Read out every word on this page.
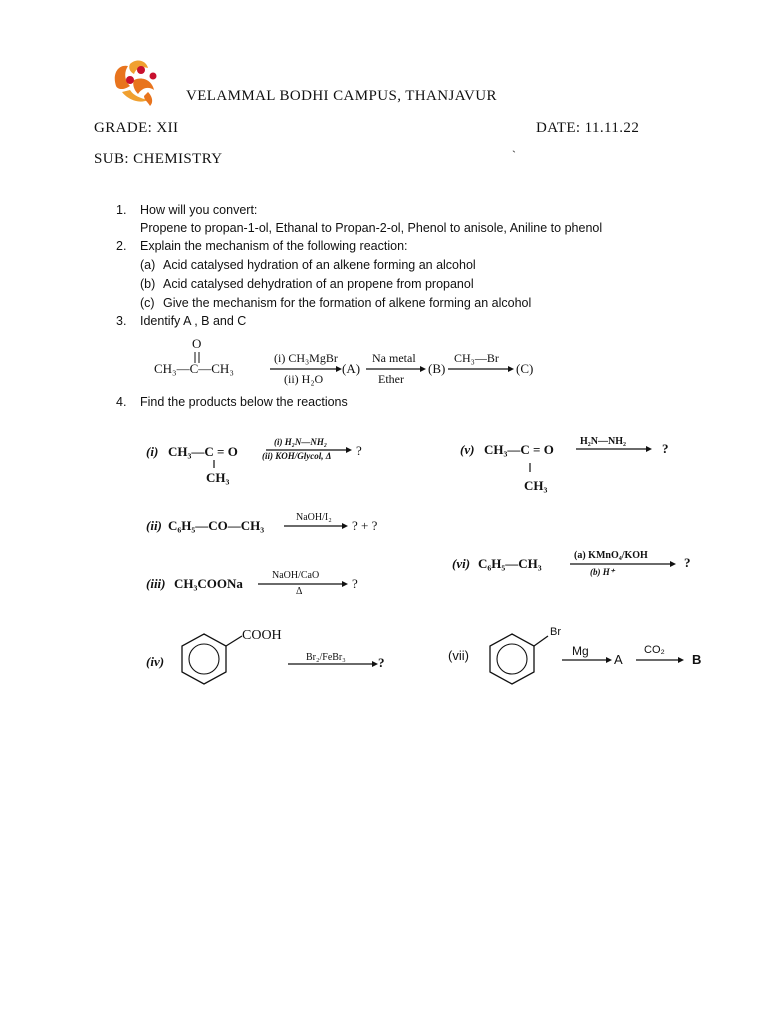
VELAMMAL BODHI CAMPUS, THANJAVUR
GRADE: XII	DATE: 11.11.22
SUB: CHEMISTRY	`
1. How will you convert:
Propene to propan-1-ol, Ethanal to Propan-2-ol, Phenol to anisole, Aniline to phenol
2. Explain the mechanism of the following reaction:
(a) Acid catalysed hydration of an alkene forming an alcohol
(b) Acid catalysed dehydration of an propene from propanol
(c) Give the mechanism for the formation of alkene forming an alcohol
3. Identify A , B and C
O
CH₃—C—CH₃
(i) CH₃MgBr
(ii) H₂O
(A)
Na metal
Ether
(B)
CH₃—Br
(C)
4. Find the products below the reactions
(i) CH₃—C = O
CH₃
(i) H₂N—NH₂
(ii) KOH/Glycol, Δ ?	(v) CH₃—C = O
CH₃
H₂N—NH₂	?
(ii) C₆H₅—CO—CH₃
NaOH/I₂
? + ?
(vi) C₆H₅—CH₃
(a) KMnO₄/KOH
(b) H⁺
?
(iii) CH₃COONa
NaOH/CaO
Δ
?
(iv)
COOH
Br₂/FeBr₃ ?	(vii)
Br
Mg
A
CO₂
B
